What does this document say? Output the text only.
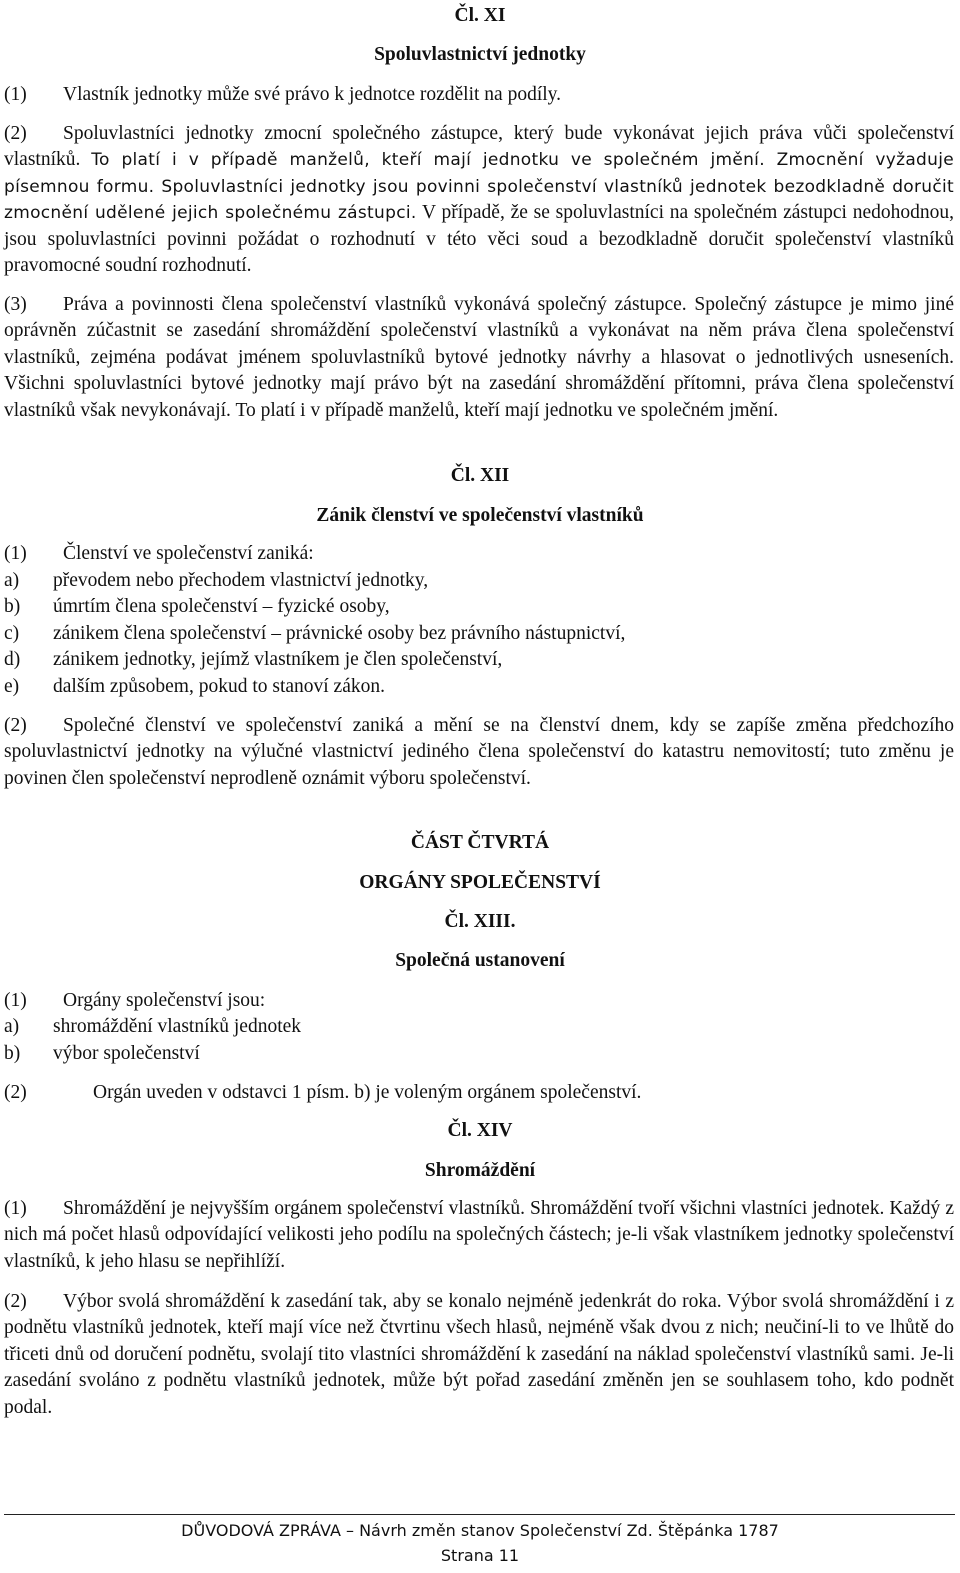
Čl. XI
Spoluvlastnictví jednotky

(1) Vlastník jednotky může své právo k jednotce rozdělit na podíly.

(2) Spoluvlastníci jednotky zmocní společného zástupce, který bude vykonávat jejich práva vůči společenství vlastníků. To platí i v případě manželů, kteří mají jednotku ve společném jmění. Zmocnění vyžaduje písemnou formu. Spoluvlastníci jednotky jsou povinni společenství vlastníků jednotek bezodkladně doručit zmocnění udělené jejich společnému zástupci. V případě, že se spoluvlastníci na společném zástupci nedohodnou, jsou spoluvlastníci povinni požádat o rozhodnutí v této věci soud a bezodkladně doručit společenství vlastníků pravomocné soudní rozhodnutí.

(3) Práva a povinnosti člena společenství vlastníků vykonává společný zástupce. Společný zástupce je mimo jiné oprávněn zúčastnit se zasedání shromáždění společenství vlastníků a vykonávat na něm práva člena společenství vlastníků, zejména podávat jménem spoluvlastníků bytové jednotky návrhy a hlasovat o jednotlivých usneseních. Všichni spoluvlastníci bytové jednotky mají právo být na zasedání shromáždění přítomni, práva člena společenství vlastníků však nevykonávají. To platí i v případě manželů, kteří mají jednotku ve společném jmění.

Čl. XII
Zánik členství ve společenství vlastníků
(1) Členství ve společenství zaniká:
a) převodem nebo přechodem vlastnictví jednotky,
b) úmrtím člena společenství – fyzické osoby,
c) zánikem člena společenství – právnické osoby bez právního nástupnictví,
d) zánikem jednotky, jejímž vlastníkem je člen společenství,
e) dalším způsobem, pokud to stanoví zákon.

(2) Společné členství ve společenství zaniká a mění se na členství dnem, kdy se zapíše změna předchozího spoluvlastnictví jednotky na výlučné vlastnictví jediného člena společenství do katastru nemovitostí; tuto změnu je povinen člen společenství neprodleně oznámit výboru společenství.

ČÁST ČTVRTÁ
ORGÁNY SPOLEČENSTVÍ
Čl. XIII.
Společná ustanovení
(1) Orgány společenství jsou:
a) shromáždění vlastníků jednotek
b) výbor společenství
(2)	Orgán uveden v odstavci 1 písm. b) je voleným orgánem společenství.
Čl. XIV
Shromáždění

(1) Shromáždění je nejvyšším orgánem společenství vlastníků. Shromáždění tvoří všichni vlastníci jednotek. Každý z nich má počet hlasů odpovídající velikosti jeho podílu na společných částech; je-li však vlastníkem jednotky společenství vlastníků, k jeho hlasu se nepřihlíží.

(2) Výbor svolá shromáždění k zasedání tak, aby se konalo nejméně jedenkrát do roka. Výbor svolá shromáždění i z podnětu vlastníků jednotek, kteří mají více než čtvrtinu všech hlasů, nejméně však dvou z nich; neučiní-li to ve lhůtě do třiceti dnů od doručení podnětu, svolají tito vlastníci shromáždění k zasedání na náklad společenství vlastníků sami. Je-li zasedání svoláno z podnětu vlastníků jednotek, může být pořad zasedání změněn jen se souhlasem toho, kdo podnět podal.

DŮVODOVÁ ZPRÁVA – Návrh změn stanov Společenství Zd. Štěpánka 1787
Strana 11
